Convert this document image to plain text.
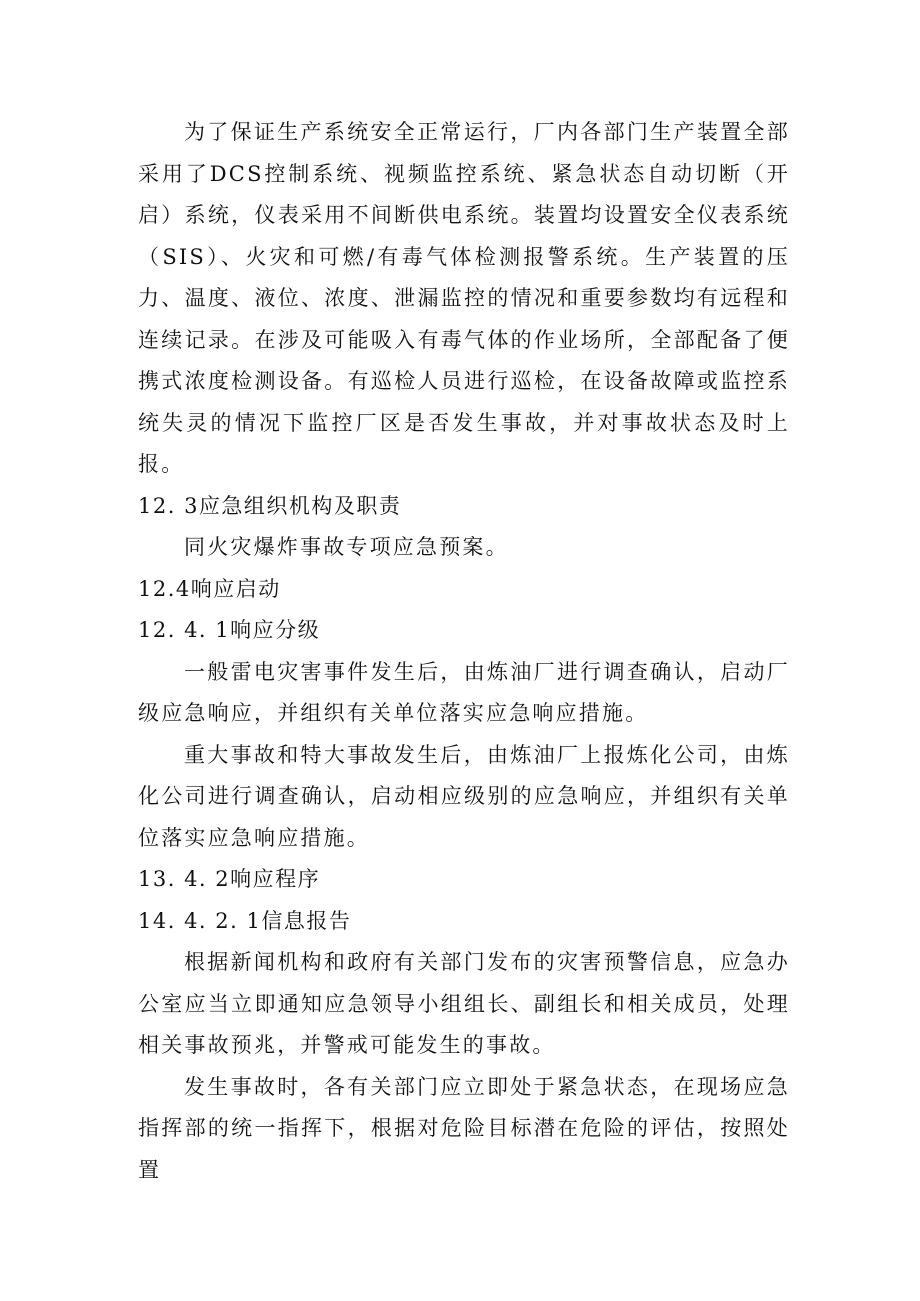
为了保证生产系统安全正常运行，厂内各部门生产装置全部采用了DCS控制系统、视频监控系统、紧急状态自动切断（开启）系统，仪表采用不间断供电系统。装置均设置安全仪表系统（SIS）、火灾和可燃/有毒气体检测报警系统。生产装置的压力、温度、液位、浓度、泄漏监控的情况和重要参数均有远程和连续记录。在涉及可能吸入有毒气体的作业场所，全部配备了便携式浓度检测设备。有巡检人员进行巡检，在设备故障或监控系统失灵的情况下监控厂区是否发生事故，并对事故状态及时上报。

12. 3应急组织机构及职责

同火灾爆炸事故专项应急预案。

12.4响应启动

12. 4. 1响应分级

一般雷电灾害事件发生后，由炼油厂进行调查确认，启动厂级应急响应，并组织有关单位落实应急响应措施。

重大事故和特大事故发生后，由炼油厂上报炼化公司，由炼化公司进行调查确认，启动相应级别的应急响应，并组织有关单位落实应急响应措施。

13. 4. 2响应程序

14. 4. 2. 1信息报告

根据新闻机构和政府有关部门发布的灾害预警信息，应急办公室应当立即通知应急领导小组组长、副组长和相关成员，处理相关事故预兆，并警戒可能发生的事故。

发生事故时，各有关部门应立即处于紧急状态，在现场应急指挥部的统一指挥下，根据对危险目标潜在危险的评估，按照处置
